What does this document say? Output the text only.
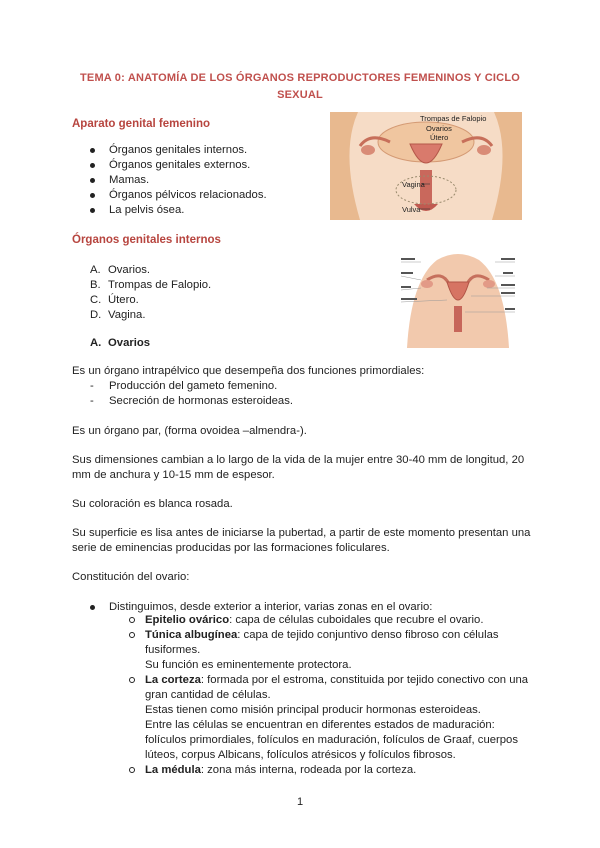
TEMA 0: ANATOMÍA DE LOS ÓRGANOS REPRODUCTORES FEMENINOS Y CICLO SEXUAL
Aparato genital femenino
Órganos genitales internos.
Órganos genitales externos.
Mamas.
Órganos pélvicos relacionados.
La pelvis ósea.
Trompas de Falopio
Ovarios
Útero
Vagina
Vulva
Órganos genitales internos
A. Ovarios.
B. Trompas de Falopio.
C. Útero.
D. Vagina.
A. Ovarios
Es un órgano intrapélvico que desempeña dos funciones primordiales:
- Producción del gameto femenino.
- Secreción de hormonas esteroideas.
Es un órgano par, (forma ovoidea –almendra-).
Sus dimensiones cambian a lo largo de la vida de la mujer entre 30-40 mm de longitud, 20
mm de anchura y 10-15 mm de espesor.
Su coloración es blanca rosada.
Su superficie es lisa antes de iniciarse la pubertad, a partir de este momento presentan una
serie de eminencias producidas por las formaciones foliculares.
Constitución del ovario:
Distinguimos, desde exterior a interior, varias zonas en el ovario:
Epitelio ovárico: capa de células cuboidales que recubre el ovario.
Túnica albugínea: capa de tejido conjuntivo denso fibroso con células
fusiformes.
Su función es eminentemente protectora.
La corteza: formada por el estroma, constituida por tejido conectivo con una
gran cantidad de células.
Estas tienen como misión principal producir hormonas esteroideas.
Entre las células se encuentran en diferentes estados de maduración:
folículos primordiales, folículos en maduración, folículos de Graaf, cuerpos
lúteos, corpus Albicans, folículos atrésicos y folículos fibrosos.
La médula: zona más interna, rodeada por la corteza.
1
